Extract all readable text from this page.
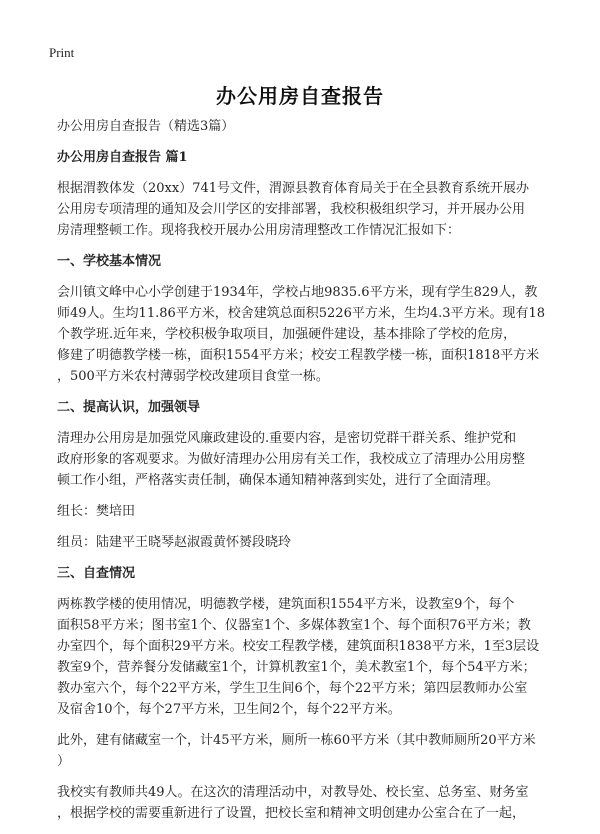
Print
办公用房自查报告

办公用房自查报告（精选3篇）

办公用房自查报告 篇1

根据渭教体发（20xx）741号文件，渭源县教育体育局关于在全县教育系统开展办

公用房专项清理的通知及会川学区的安排部署，我校积极组织学习，并开展办公用

房清理整顿工作。现将我校开展办公用房清理整改工作情况汇报如下：

一、学校基本情况

会川镇文峰中心小学创建于1934年，学校占地9835.6平方米，现有学生829人，教

师49人。生均11.86平方米，校舍建筑总面积5226平方米，生均4.3平方米。现有18

个教学班.近年来，学校积极争取项目，加强硬件建设，基本排除了学校的危房，

修建了明德教学楼一栋，面积1554平方米；校安工程教学楼一栋，面积1818平方米

，500平方米农村薄弱学校改建项目食堂一栋。

二、提高认识，加强领导

清理办公用房是加强党风廉政建设的.重要内容，是密切党群干群关系、维护党和

政府形象的客观要求。为做好清理办公用房有关工作，我校成立了清理办公用房整

顿工作小组，严格落实责任制，确保本通知精神落到实处，进行了全面清理。

组长：樊培田

组员：陆建平王晓琴赵淑霞黄怀赟段晓玲

三、自查情况

两栋教学楼的使用情况，明德教学楼，建筑面积1554平方米，设教室9个，每个

面积58平方米；图书室1个、仪器室1个、多媒体教室1个、每个面积76平方米；教

办室四个，每个面积29平方米。校安工程教学楼，建筑面积1838平方米，1至3层设

教室9个，营养餐分发储藏室1个，计算机教室1个，美术教室1个，每个54平方米；

教办室六个，每个22平方米，学生卫生间6个，每个22平方米；第四层教师办公室

及宿舍10个，每个27平方米，卫生间2个，每个22平方米。

此外，建有储藏室一个，计45平方米，厕所一栋60平方米（其中教师厕所20平方米

）

我校实有教师共49人。在这次的清理活动中，对教导处、校长室、总务室、财务室

，根据学校的需要重新进行了设置，把校长室和精神文明创建办公室合在了一起，
